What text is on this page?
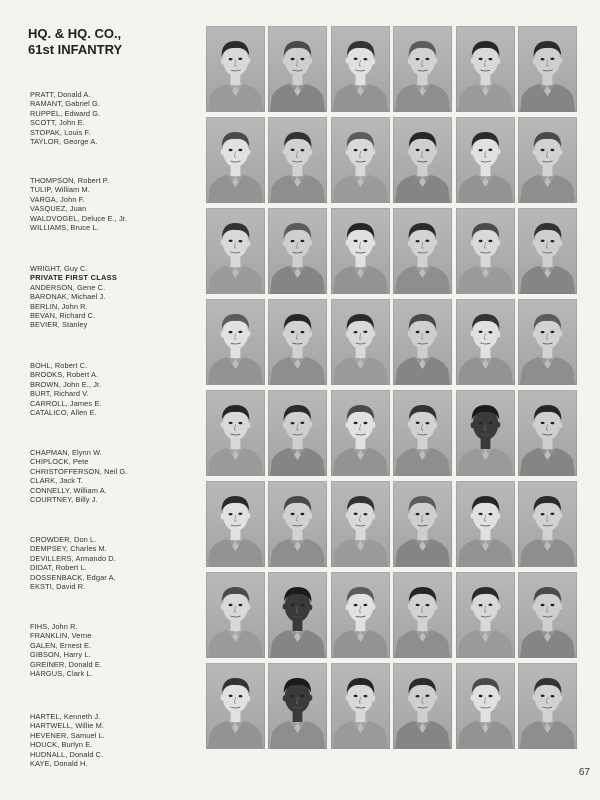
HQ. & HQ. CO.,
61st INFANTRY
PRATT, Donald A.
RAMANT, Gabriel G.
RUPPEL, Edward G.
SCOTT, John E.
STOPAK, Louis F.
TAYLOR, George A.
THOMPSON, Robert P.
TULIP, William M.
VARGA, John F.
VASQUEZ, Juan
WALDVOGEL, Deluce E., Jr.
WILLIAMS, Bruce L.
WRIGHT, Guy C.
PRIVATE FIRST CLASS
ANDERSON, Gene C.
BARONAK, Michael J.
BERLIN, John R.
BEVAN, Richard C.
BEVIER, Stanley
BOHL, Robert C.
BROOKS, Robert A.
BROWN, John E., Jr.
BURT, Richard V.
CARROLL, James E.
CATALICO, Allen E.
CHAPMAN, Elynn W.
CHIPLOCK, Pete
CHRISTOFFERSON, Neil G.
CLARK, Jack T.
CONNELLY, William A.
COURTNEY, Billy J.
CROWDER, Don L.
DEMPSEY, Charles M.
DEVILLERS, Armando D.
DIDAT, Robert L.
DOSSENBACK, Edgar A.
EKSTI, David R.
FIHS, John R.
FRANKLIN, Verne
GALEN, Ernest E.
GIBSON, Harry L.
GREINER, Donald E.
HARGUS, Clark L.
HARTEL, Kenneth J.
HARTWELL, Willie M.
HEVENER, Samuel L.
HOUCK, Burlyn E.
HUDNALL, Donald C.
KAYE, Donald H.
67
